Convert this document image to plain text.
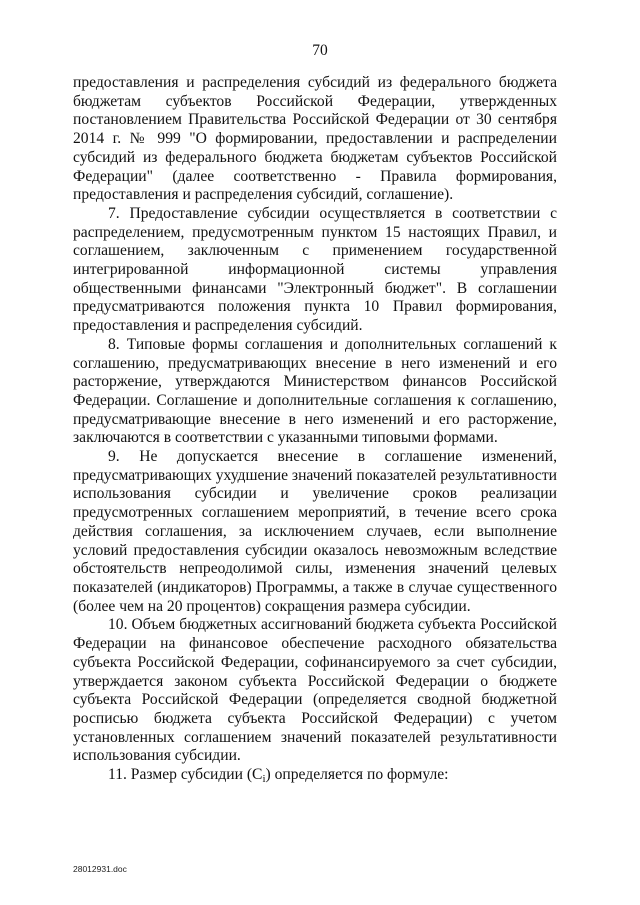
70

предоставления и распределения субсидий из федерального бюджета бюджетам субъектов Российской Федерации, утвержденных постановлением Правительства Российской Федерации от 30 сентября 2014 г. № 999 "О формировании, предоставлении и распределении субсидий из федерального бюджета бюджетам субъектов Российской Федерации" (далее соответственно - Правила формирования, предоставления и распределения субсидий, соглашение).

7. Предоставление субсидии осуществляется в соответствии с распределением, предусмотренным пунктом 15 настоящих Правил, и соглашением, заключенным с применением государственной интегрированной информационной системы управления общественными финансами "Электронный бюджет". В соглашении предусматриваются положения пункта 10 Правил формирования, предоставления и распределения субсидий.

8. Типовые формы соглашения и дополнительных соглашений к соглашению, предусматривающих внесение в него изменений и его расторжение, утверждаются Министерством финансов Российской Федерации. Соглашение и дополнительные соглашения к соглашению, предусматривающие внесение в него изменений и его расторжение, заключаются в соответствии с указанными типовыми формами.

9. Не допускается внесение в соглашение изменений, предусматривающих ухудшение значений показателей результативности использования субсидии и увеличение сроков реализации предусмотренных соглашением мероприятий, в течение всего срока действия соглашения, за исключением случаев, если выполнение условий предоставления субсидии оказалось невозможным вследствие обстоятельств непреодолимой силы, изменения значений целевых показателей (индикаторов) Программы, а также в случае существенного (более чем на 20 процентов) сокращения размера субсидии.

10. Объем бюджетных ассигнований бюджета субъекта Российской Федерации на финансовое обеспечение расходного обязательства субъекта Российской Федерации, софинансируемого за счет субсидии, утверждается законом субъекта Российской Федерации о бюджете субъекта Российской Федерации (определяется сводной бюджетной росписью бюджета субъекта Российской Федерации) с учетом установленных соглашением значений показателей результативности использования субсидии.

11. Размер субсидии $(C_i)$ определяется по формуле:

28012931.doc
